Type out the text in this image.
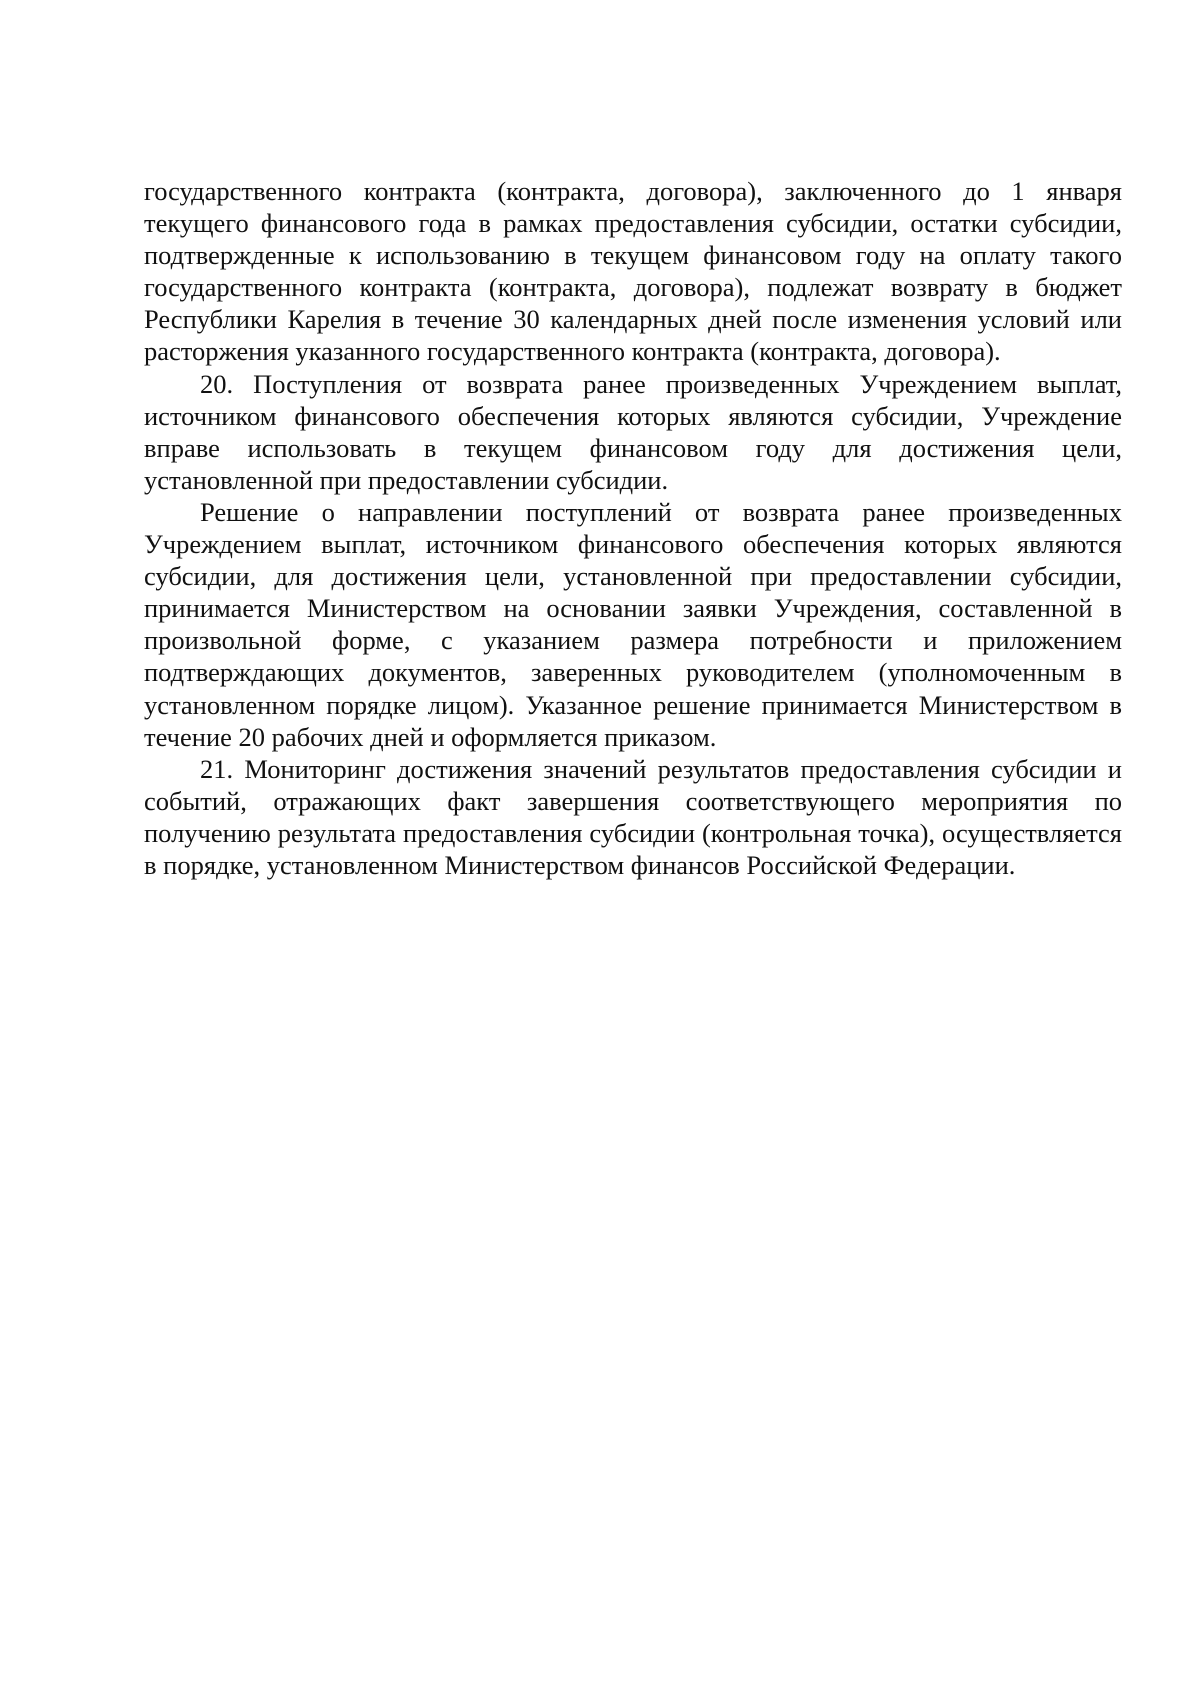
государственного контракта (контракта, договора), заключенного до 1 января текущего финансового года в рамках предоставления субсидии, остатки субсидии, подтвержденные к использованию в текущем финансовом году на оплату такого государственного контракта (контракта, договора), подлежат возврату в бюджет Республики Карелия в течение 30 календарных дней после изменения условий или расторжения указанного государственного контракта (контракта, договора).

20. Поступления от возврата ранее произведенных Учреждением выплат, источником финансового обеспечения которых являются субсидии, Учреждение вправе использовать в текущем финансовом году для достижения цели, установленной при предоставлении субсидии.

Решение о направлении поступлений от возврата ранее произведенных Учреждением выплат, источником финансового обеспечения которых являются субсидии, для достижения цели, установленной при предоставлении субсидии, принимается Министерством на основании заявки Учреждения, составленной в произвольной форме, с указанием размера потребности и приложением подтверждающих документов, заверенных руководителем (уполномоченным в установленном порядке лицом). Указанное решение принимается Министерством в течение 20 рабочих дней и оформляется приказом.

21. Мониторинг достижения значений результатов предоставления субсидии и событий, отражающих факт завершения соответствующего мероприятия по получению результата предоставления субсидии (контрольная точка), осуществляется в порядке, установленном Министерством финансов Российской Федерации.
